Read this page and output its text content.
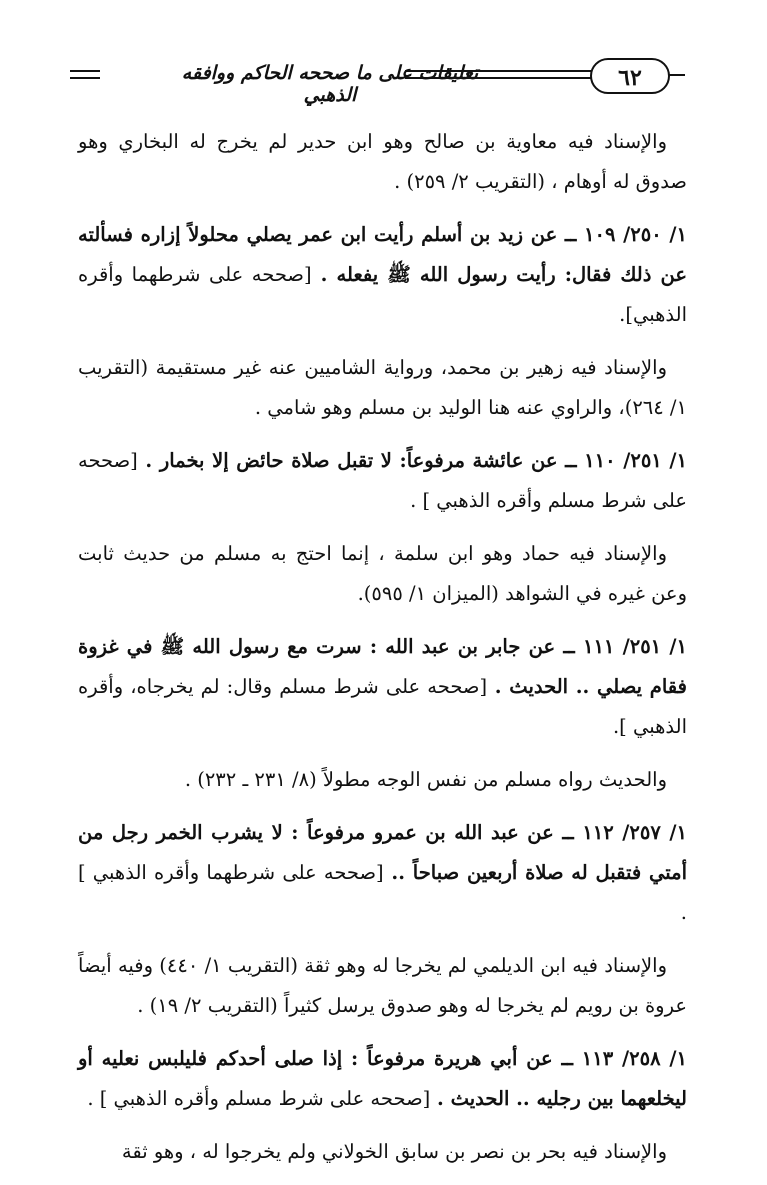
تعليقات على ما صححه الحاكم ووافقه الذهبي
٦٢

والإسناد فيه معاوية بن صالح وهو ابن حدير لم يخرج له البخاري وهو صدوق له أوهام ، (التقريب ٢/ ٢٥٩) .

١/ ٢٥٠/ ١٠٩ ــ عن زيد بن أسلم رأيت ابن عمر يصلي محلولاً إزاره فسألته عن ذلك فقال: رأيت رسول الله ﷺ يفعله . [صححه على شرطهما وأقره الذهبي].

والإسناد فيه زهير بن محمد، ورواية الشاميين عنه غير مستقيمة (التقريب ١/ ٢٦٤)، والراوي عنه هنا الوليد بن مسلم وهو شامي .

١/ ٢٥١/ ١١٠ ــ عن عائشة مرفوعاً: لا تقبل صلاة حائض إلا بخمار . [صححه على شرط مسلم وأقره الذهبي ] .

والإسناد فيه حماد وهو ابن سلمة ، إنما احتج به مسلم من حديث ثابت وعن غيره في الشواهد (الميزان ١/ ٥٩٥).

١/ ٢٥١/ ١١١ ــ عن جابر بن عبد الله : سرت مع رسول الله ﷺ في غزوة فقام يصلي .. الحديث . [صححه على شرط مسلم وقال: لم يخرجاه، وأقره الذهبي ].

والحديث رواه مسلم من نفس الوجه مطولاً (٨/ ٢٣١ ـ ٢٣٢) .

١/ ٢٥٧/ ١١٢ ــ عن عبد الله بن عمرو مرفوعاً : لا يشرب الخمر رجل من أمتي فتقبل له صلاة أربعين صباحاً .. [صححه على شرطهما وأقره الذهبي ] .

والإسناد فيه ابن الديلمي لم يخرجا له وهو ثقة (التقريب ١/ ٤٤٠) وفيه أيضاً عروة بن رويم لم يخرجا له وهو صدوق يرسل كثيراً (التقريب ٢/ ١٩) .

١/ ٢٥٨/ ١١٣ ــ عن أبي هريرة مرفوعاً : إذا صلى أحدكم فليلبس نعليه أو ليخلعهما بين رجليه .. الحديث . [صححه على شرط مسلم وأقره الذهبي ] .

والإسناد فيه بحر بن نصر بن سابق الخولاني ولم يخرجوا له ، وهو ثقة
